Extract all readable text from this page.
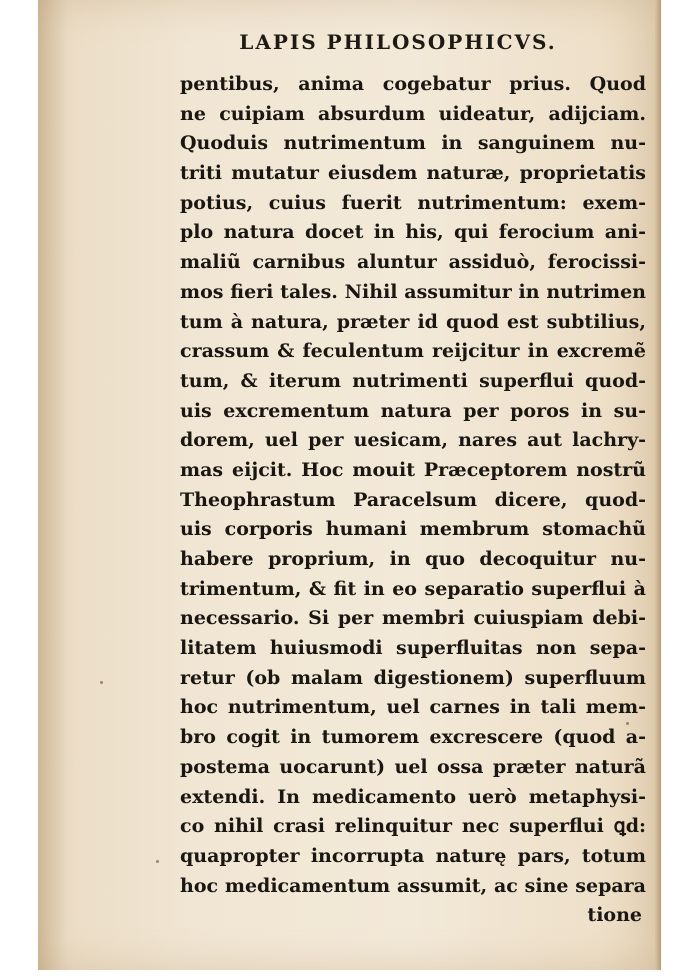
LAPIS PHILOSOPHICVS.
pentibus, anima cogebatur prius. Quod
ne cuipiam absurdum uideatur, adijciam.
Quoduis nutrimentum in sanguinem nu-
triti mutatur eiusdem naturæ, proprietatis
potius, cuius fuerit nutrimentum: exem-
plo natura docet in his, qui ferocium ani-
maliũ carnibus aluntur assiduò, ferocissi-
mos fieri tales. Nihil assumitur in nutrimen
tum à natura, præter id quod est subtilius,
crassum & feculentum reijcitur in excremẽ
tum, & iterum nutrimenti superflui quod-
uis excrementum natura per poros in su-
dorem, uel per uesicam, nares aut lachry-
mas eijcit. Hoc mouit Præceptorem nostrũ
Theophrastum Paracelsum dicere, quod-
uis corporis humani membrum stomachũ
habere proprium, in quo decoquitur nu-
trimentum, & fit in eo separatio superflui à
necessario. Si per membri cuiuspiam debi-
litatem huiusmodi superfluitas non sepa-
retur (ob malam digestionem) superfluum
hoc nutrimentum, uel carnes in tali mem-
bro cogit in tumorem excrescere (quod a-
postema uocarunt) uel ossa præter naturã
extendi. In medicamento uerò metaphysi-
co nihil crasi relinquitur nec superflui ꝗd:
quapropter incorrupta naturę pars, totum
hoc medicamentum assumit, ac sine separa
tione
